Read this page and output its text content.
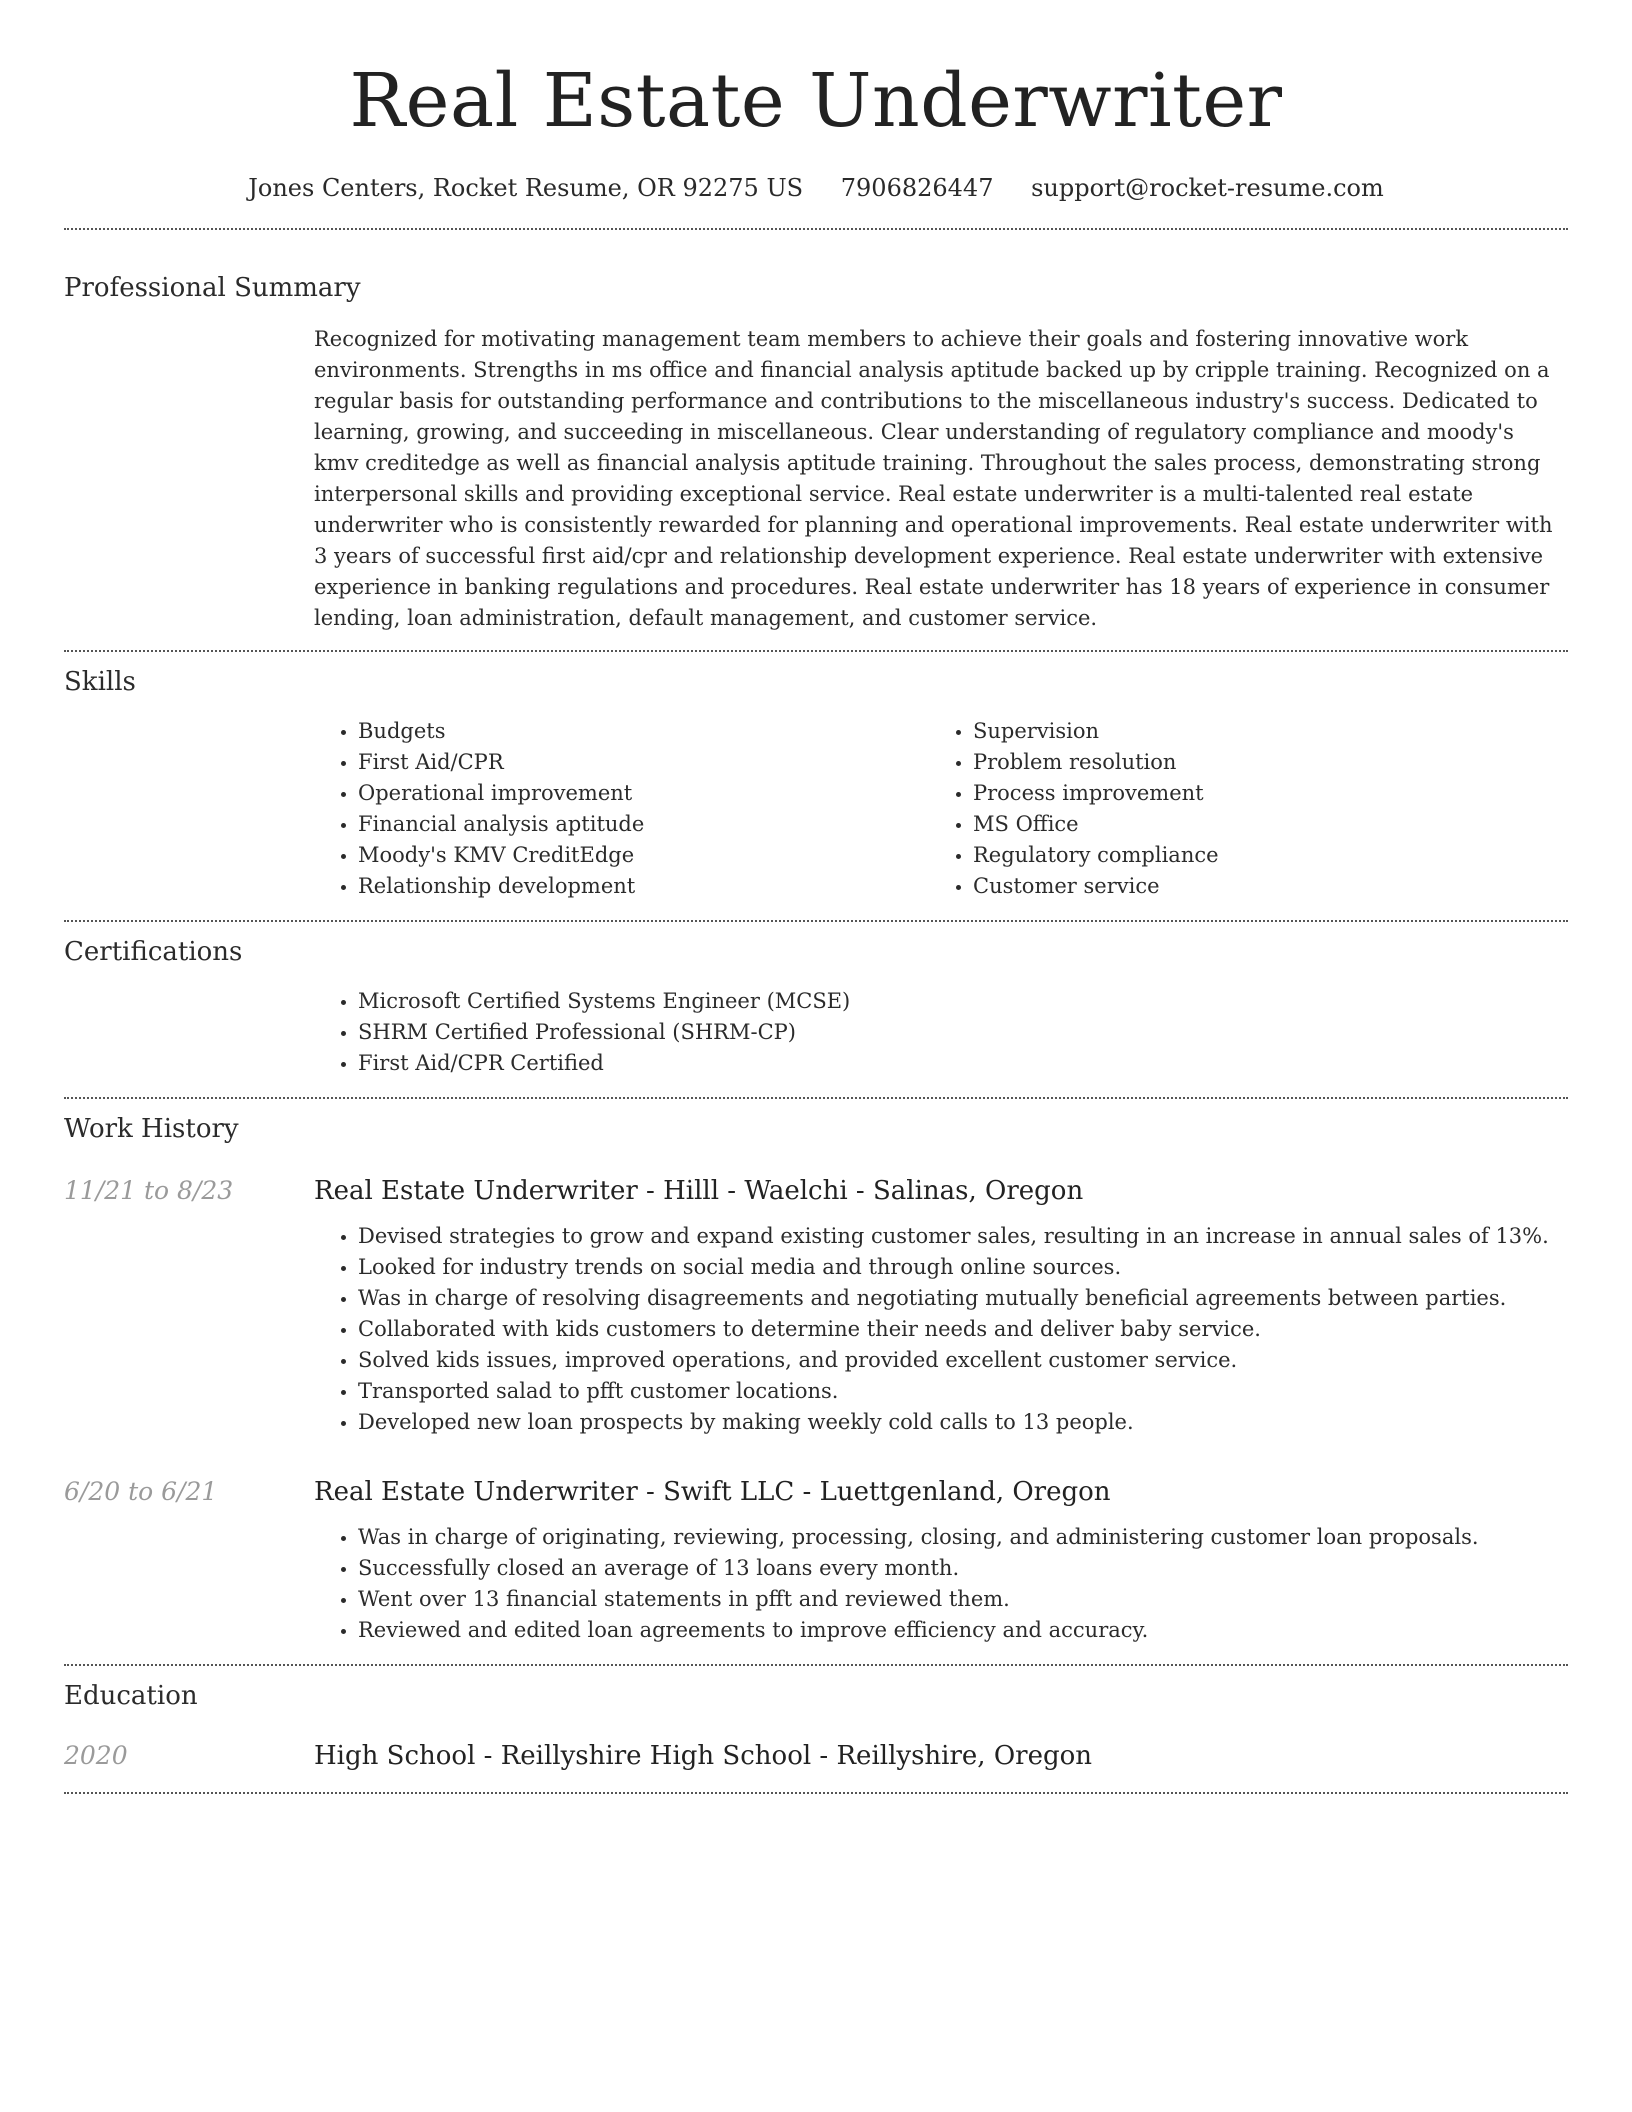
Real Estate Underwriter
Jones Centers, Rocket Resume, OR 92275 US 7906826447 support@rocket-resume.com
Professional Summary

Recognized for motivating management team members to achieve their goals and fostering innovative work environments. Strengths in ms office and financial analysis aptitude backed up by cripple training. Recognized on a regular basis for outstanding performance and contributions to the miscellaneous industry's success. Dedicated to learning, growing, and succeeding in miscellaneous. Clear understanding of regulatory compliance and moody's kmv creditedge as well as financial analysis aptitude training. Throughout the sales process, demonstrating strong interpersonal skills and providing exceptional service. Real estate underwriter is a multi-talented real estate underwriter who is consistently rewarded for planning and operational improvements. Real estate underwriter with 3 years of successful first aid/cpr and relationship development experience. Real estate underwriter with extensive experience in banking regulations and procedures. Real estate underwriter has 18 years of experience in consumer lending, loan administration, default management, and customer service.

Skills
• Budgets
• First Aid/CPR
• Operational improvement
• Financial analysis aptitude
• Moody's KMV CreditEdge
• Relationship development
• Supervision
• Problem resolution
• Process improvement
• MS Office
• Regulatory compliance
• Customer service
Certifications
• Microsoft Certified Systems Engineer (MCSE)
• SHRM Certified Professional (SHRM-CP)
• First Aid/CPR Certified
Work History
11/21 to 8/23	Real Estate Underwriter - Hilll - Waelchi - Salinas, Oregon
• Devised strategies to grow and expand existing customer sales, resulting in an increase in annual sales of 13%.
• Looked for industry trends on social media and through online sources.
• Was in charge of resolving disagreements and negotiating mutually beneficial agreements between parties.
• Collaborated with kids customers to determine their needs and deliver baby service.
• Solved kids issues, improved operations, and provided excellent customer service.
• Transported salad to pfft customer locations.
• Developed new loan prospects by making weekly cold calls to 13 people.
6/20 to 6/21	Real Estate Underwriter - Swift LLC - Luettgenland, Oregon
• Was in charge of originating, reviewing, processing, closing, and administering customer loan proposals.
• Successfully closed an average of 13 loans every month.
• Went over 13 financial statements in pfft and reviewed them.
• Reviewed and edited loan agreements to improve efficiency and accuracy.
Education
2020	High School - Reillyshire High School - Reillyshire, Oregon
